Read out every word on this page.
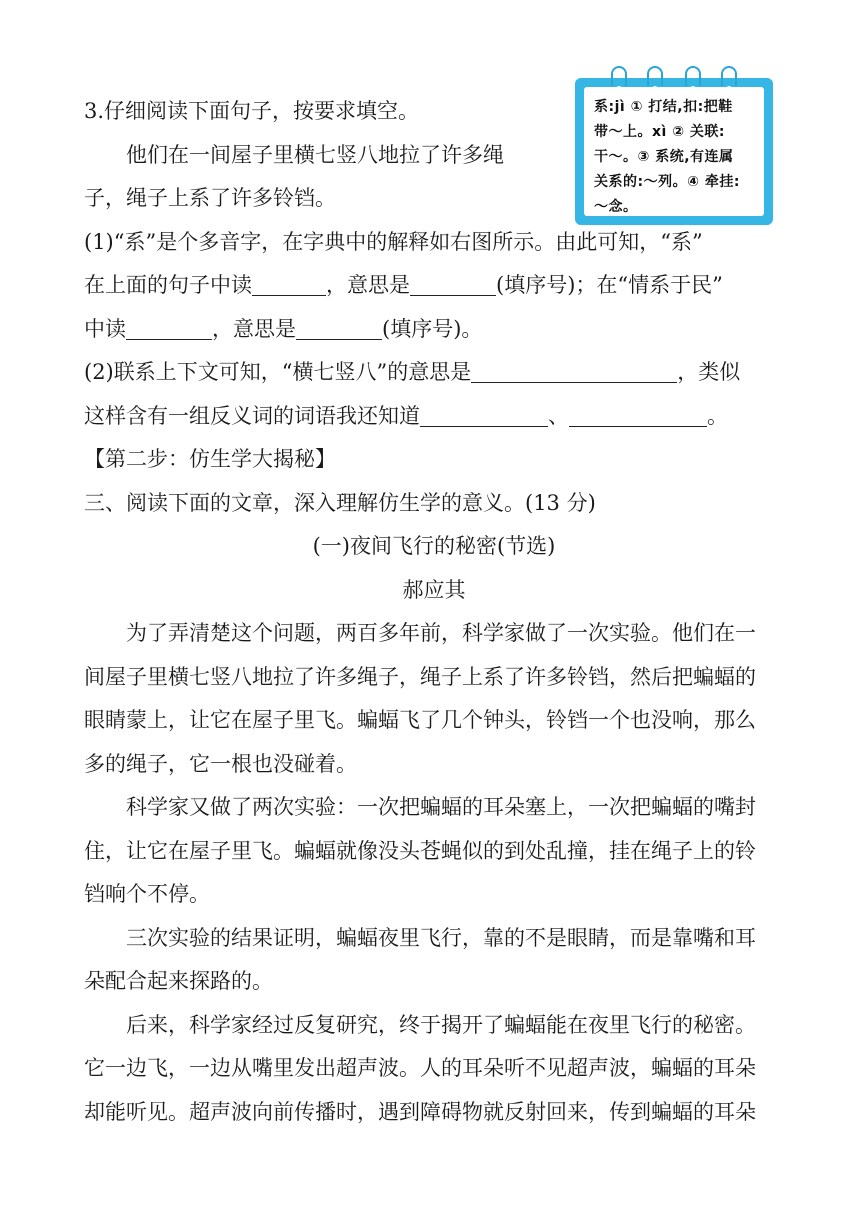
系:jì ① 打结,扣:把鞋
带～上。xì ② 关联:
干～。③ 系统,有连属
关系的:～列。④ 牵挂:
～念。
3.仔细阅读下面句子，按要求填空。
他们在一间屋子里横七竖八地拉了许多绳
子，绳子上系了许多铃铛。
(1)“系”是个多音字，在字典中的解释如右图所示。由此可知，“系”
在上面的句子中读	，意思是	(填序号)；在“情系于民”
中读	，意思是	(填序号)。
(2)联系上下文可知，“横七竖八”的意思是	，类似
这样含有一组反义词的词语我还知道	、	。
【第二步：仿生学大揭秘】
三、阅读下面的文章，深入理解仿生学的意义。(13 分)
(一)夜间飞行的秘密(节选)
郝应其
为了弄清楚这个问题，两百多年前，科学家做了一次实验。他们在一
间屋子里横七竖八地拉了许多绳子，绳子上系了许多铃铛，然后把蝙蝠的
眼睛蒙上，让它在屋子里飞。蝙蝠飞了几个钟头，铃铛一个也没响，那么
多的绳子，它一根也没碰着。
科学家又做了两次实验：一次把蝙蝠的耳朵塞上，一次把蝙蝠的嘴封
住，让它在屋子里飞。蝙蝠就像没头苍蝇似的到处乱撞，挂在绳子上的铃
铛响个不停。
三次实验的结果证明，蝙蝠夜里飞行，靠的不是眼睛，而是靠嘴和耳
朵配合起来探路的。
后来，科学家经过反复研究，终于揭开了蝙蝠能在夜里飞行的秘密。
它一边飞，一边从嘴里发出超声波。人的耳朵听不见超声波，蝙蝠的耳朵
却能听见。超声波向前传播时，遇到障碍物就反射回来，传到蝙蝠的耳朵
